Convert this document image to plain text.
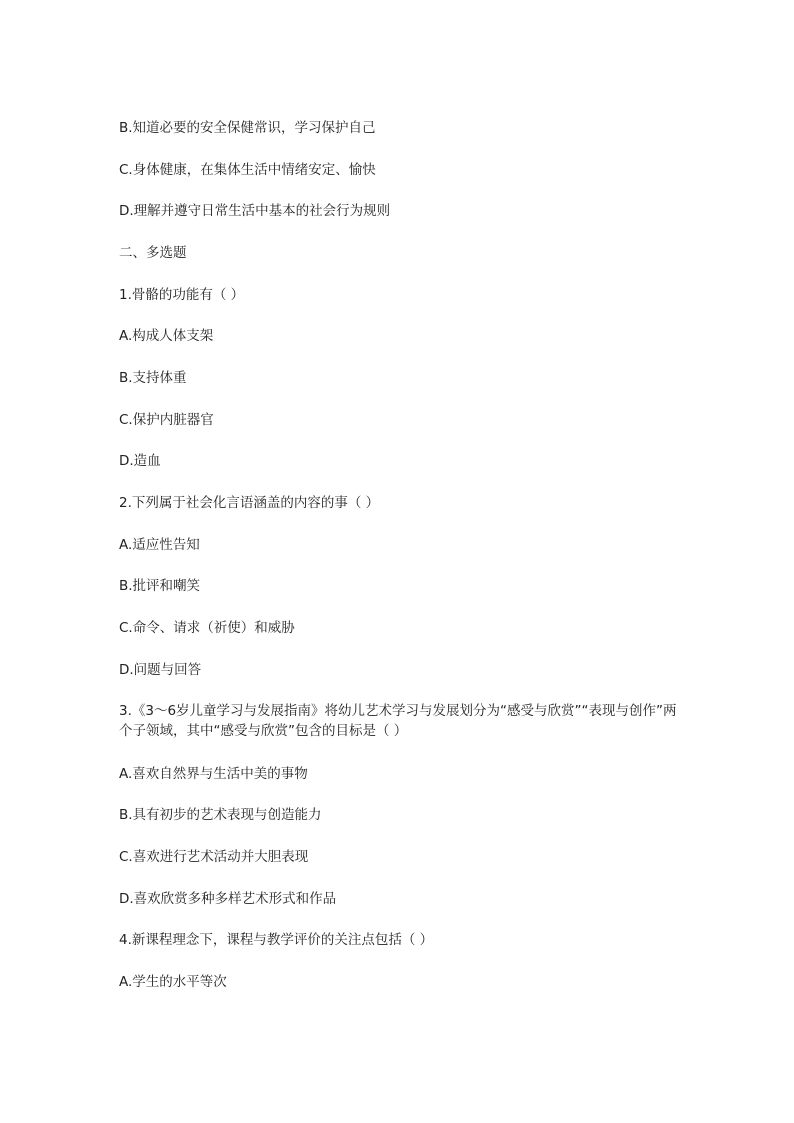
B.知道必要的安全保健常识，学习保护自己
C.身体健康，在集体生活中情绪安定、愉快
D.理解并遵守日常生活中基本的社会行为规则
二、多选题
1.骨骼的功能有（ ）
A.构成人体支架
B.支持体重
C.保护内脏器官
D.造血
2.下列属于社会化言语涵盖的内容的事（ ）
A.适应性告知
B.批评和嘲笑
C.命令、请求（祈使）和威胁
D.问题与回答
3.《3～6岁儿童学习与发展指南》将幼儿艺术学习与发展划分为“感受与欣赏”“表现与创作”两个子领域，其中“感受与欣赏”包含的目标是（ ）
A.喜欢自然界与生活中美的事物
B.具有初步的艺术表现与创造能力
C.喜欢进行艺术活动并大胆表现
D.喜欢欣赏多种多样艺术形式和作品
4.新课程理念下，课程与教学评价的关注点包括（ ）
A.学生的水平等次
